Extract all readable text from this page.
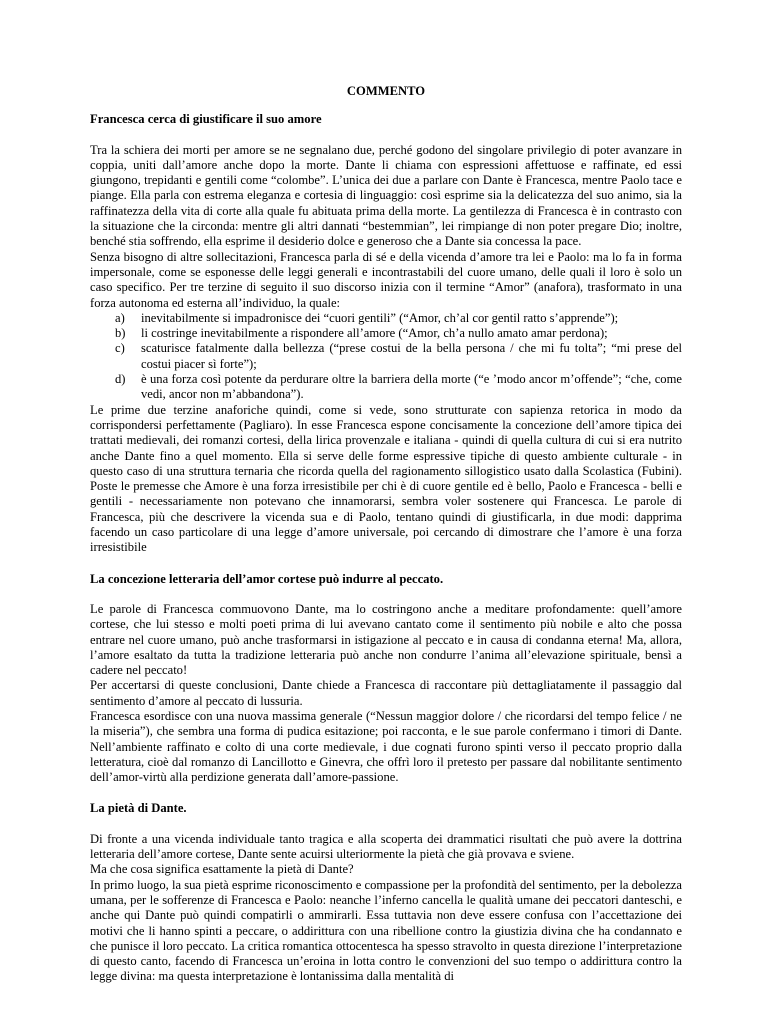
COMMENTO
Francesca cerca di giustificare il suo amore

Tra la schiera dei morti per amore se ne segnalano due, perché godono del singolare privilegio di poter avanzare in coppia, uniti dall’amore anche dopo la morte. Dante li chiama con espressioni affettuose e raffinate, ed essi giungono, trepidanti e gentili come “colombe”. L’unica dei due a parlare con Dante è Francesca, mentre Paolo tace e piange. Ella parla con estrema eleganza e cortesia di linguaggio: così esprime sia la delicatezza del suo animo, sia la raffinatezza della vita di corte alla quale fu abituata prima della morte. La gentilezza di Francesca è in contrasto con la situazione che la circonda: mentre gli altri dannati “bestemmian”, lei rimpiange di non poter pregare Dio; inoltre, benché stia soffrendo, ella esprime il desiderio dolce e generoso che a Dante sia concessa la pace.

Senza bisogno di altre sollecitazioni, Francesca parla di sé e della vicenda d’amore tra lei e Paolo: ma lo fa in forma impersonale, come se esponesse delle leggi generali e incontrastabili del cuore umano, delle quali il loro è solo un caso specifico. Per tre terzine di seguito il suo discorso inizia con il termine “Amor” (anafora), trasformato in una forza autonoma ed esterna all’individuo, la quale:

a) inevitabilmente si impadronisce dei “cuori gentili” (“Amor, ch’al cor gentil ratto s’apprende”);
b) li costringe inevitabilmente a rispondere all’amore (“Amor, ch’a nullo amato amar perdona);
c) scaturisce fatalmente dalla bellezza (“prese costui de la bella persona / che mi fu tolta”; “mi prese del costui piacer sì forte”);
d) è una forza così potente da perdurare oltre la barriera della morte (“e ’modo ancor m’offende”; “che, come vedi, ancor non m’abbandona”).

Le prime due terzine anaforiche quindi, come si vede, sono strutturate con sapienza retorica in modo da corrispondersi perfettamente (Pagliaro). In esse Francesca espone concisamente la concezione dell’amore tipica dei trattati medievali, dei romanzi cortesi, della lirica provenzale e italiana - quindi di quella cultura di cui si era nutrito anche Dante fino a quel momento. Ella si serve delle forme espressive tipiche di questo ambiente culturale - in questo caso di una struttura ternaria che ricorda quella del ragionamento sillogistico usato dalla Scolastica (Fubini). Poste le premesse che Amore è una forza irresistibile per chi è di cuore gentile ed è bello, Paolo e Francesca - belli e gentili - necessariamente non potevano che innamorarsi, sembra voler sostenere qui Francesca. Le parole di Francesca, più che descrivere la vicenda sua e di Paolo, tentano quindi di giustificarla, in due modi: dapprima facendo un caso particolare di una legge d’amore universale, poi cercando di dimostrare che l’amore è una forza irresistibile

La concezione letteraria dell’amor cortese può indurre al peccato.

Le parole di Francesca commuovono Dante, ma lo costringono anche a meditare profondamente: quell’amore cortese, che lui stesso e molti poeti prima di lui avevano cantato come il sentimento più nobile e alto che possa entrare nel cuore umano, può anche trasformarsi in istigazione al peccato e in causa di condanna eterna! Ma, allora, l’amore esaltato da tutta la tradizione letteraria può anche non condurre l’anima all’elevazione spirituale, bensì a cadere nel peccato!

Per accertarsi di queste conclusioni, Dante chiede a Francesca di raccontare più dettagliatamente il passaggio dal sentimento d’amore al peccato di lussuria.

Francesca esordisce con una nuova massima generale (“Nessun maggior dolore / che ricordarsi del tempo felice / ne la miseria”), che sembra una forma di pudica esitazione; poi racconta, e le sue parole confermano i timori di Dante. Nell’ambiente raffinato e colto di una corte medievale, i due cognati furono spinti verso il peccato proprio dalla letteratura, cioè dal romanzo di Lancillotto e Ginevra, che offrì loro il pretesto per passare dal nobilitante sentimento dell’amor-virtù alla perdizione generata dall’amore-passione.

La pietà di Dante.

Di fronte a una vicenda individuale tanto tragica e alla scoperta dei drammatici risultati che può avere la dottrina letteraria dell’amore cortese, Dante sente acuirsi ulteriormente la pietà che già provava e sviene.

Ma che cosa significa esattamente la pietà di Dante?

In primo luogo, la sua pietà esprime riconoscimento e compassione per la profondità del sentimento, per la debolezza umana, per le sofferenze di Francesca e Paolo: neanche l’inferno cancella le qualità umane dei peccatori danteschi, e anche qui Dante può quindi compatirli o ammirarli. Essa tuttavia non deve essere confusa con l’accettazione dei motivi che li hanno spinti a peccare, o addirittura con una ribellione contro la giustizia divina che ha condannato e che punisce il loro peccato. La critica romantica ottocentesca ha spesso stravolto in questa direzione l’interpretazione di questo canto, facendo di Francesca un’eroina in lotta contro le convenzioni del suo tempo o addirittura contro la legge divina: ma questa interpretazione è lontanissima dalla mentalità di
